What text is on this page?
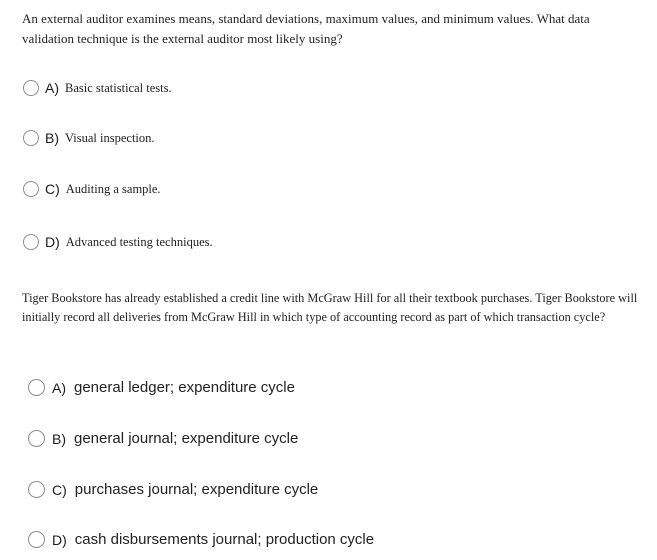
An external auditor examines means, standard deviations, maximum values, and minimum values. What data validation technique is the external auditor most likely using?
A) Basic statistical tests.
B) Visual inspection.
C) Auditing a sample.
D) Advanced testing techniques.
Tiger Bookstore has already established a credit line with McGraw Hill for all their textbook purchases. Tiger Bookstore will initially record all deliveries from McGraw Hill in which type of accounting record as part of which transaction cycle?
A) general ledger; expenditure cycle
B) general journal; expenditure cycle
C) purchases journal; expenditure cycle
D) cash disbursements journal; production cycle
